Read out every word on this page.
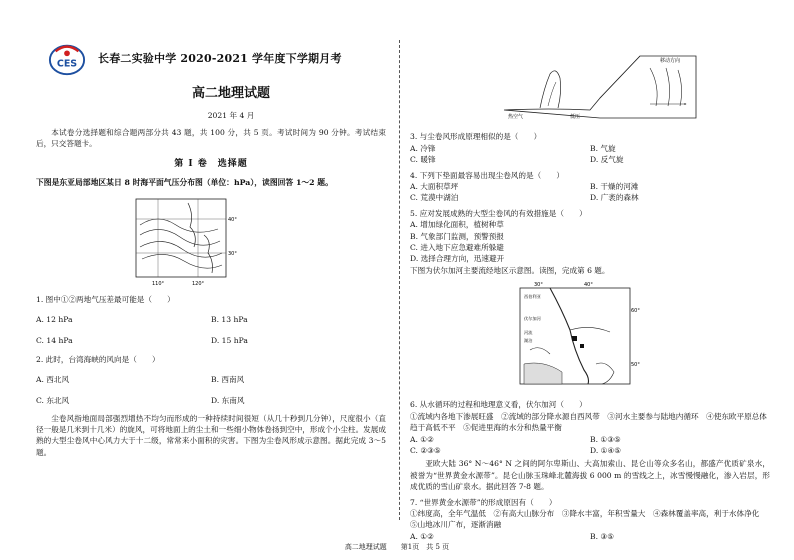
CES 长春二实验中学 2020-2021 学年度下学期月考
高二地理试题
2021 年 4 月
本试卷分选择题和综合题两部分共 43 题，共 100 分，共 5 页。考试时间为 90 分钟。考试结束后，只交答题卡。
第 I 卷　选择题
下图是东亚局部地区某日 8 时海平面气压分布图（单位：hPa），读图回答 1～2 题。
40°
30°
110°	120°
1. 图中①②两地气压差最可能是（　　）
A. 12 hPa	B. 13 hPa
C. 14 hPa	D. 15 hPa
2. 此时，台湾海峡的风向是（　　）
A. 西北风	B. 西南风
C. 东北风	D. 东南风
尘卷风指地面局部强烈增热不均匀而形成的一种持续时间很短（从几十秒到几分钟），尺度很小（直径一般是几米到十几米）的旋风，可将地面上的尘土和一些细小物体卷扬到空中，形成个小尘柱。发展成熟的大型尘卷风中心风力大于十二级，常常来小面积的灾害。下图为尘卷风形成示意图。据此完成 3～5 题。
移动方向
热空气	低压
3. 与尘卷风形成原理相似的是（　　）
A. 冷锋	B. 气旋
C. 暖锋	D. 反气旋
4. 下列下垫面最容易出现尘卷风的是（　　）
A. 大面积草坪	B. 干燥的河滩
C. 荒漠中湖泊	D. 广袤的森林
5. 应对发展成熟的大型尘卷风的有效措施是（　　）
A. 增加绿化面积，植树种草
B. 气象部门监测，预警预报
C. 进入地下应急避难所躲避
D. 选择合理方向，迅速避开
下图为伏尔加河主要流经地区示意图。读图，完成第 6 题。
30°	40°
60°
50°
西伯利亚
伏尔加河
河流
湖泊
6. 从水循环的过程和地理意义看，伏尔加河（　　）
①流域内各地下渗展旺盛　②流域的部分降水源自西风带　③河水主要参与陆地内循环　④使东欧平原总体趋于高低不平　⑤促进里海的水分和热量平衡
A. ①②	B. ①③⑤
C. ②③⑤	D. ①④⑤
亚欧大陆 36° N～46° N 之间的阿尔卑斯山、大高加索山、昆仑山等众多名山，都盛产优质矿泉水，被誉为“世界黄金水源带”。昆仑山脉玉珠峰北麓海拔 6 000 m 的雪线之上，冰雪慢慢融化，渗入岩层，形成优质的雪山矿泉水。据此回答 7-8 题。
7. “世界黄金水源带”的形成原因有（　　）
①纬度高，全年气温低　②有高大山脉分布　③降水丰富，年积雪量大　④森林覆盖率高，利于水体净化　⑤山地冰川广布，逐渐消融
A. ①②	B. ③⑤
高二地理试题　　第1页　共 5 页
